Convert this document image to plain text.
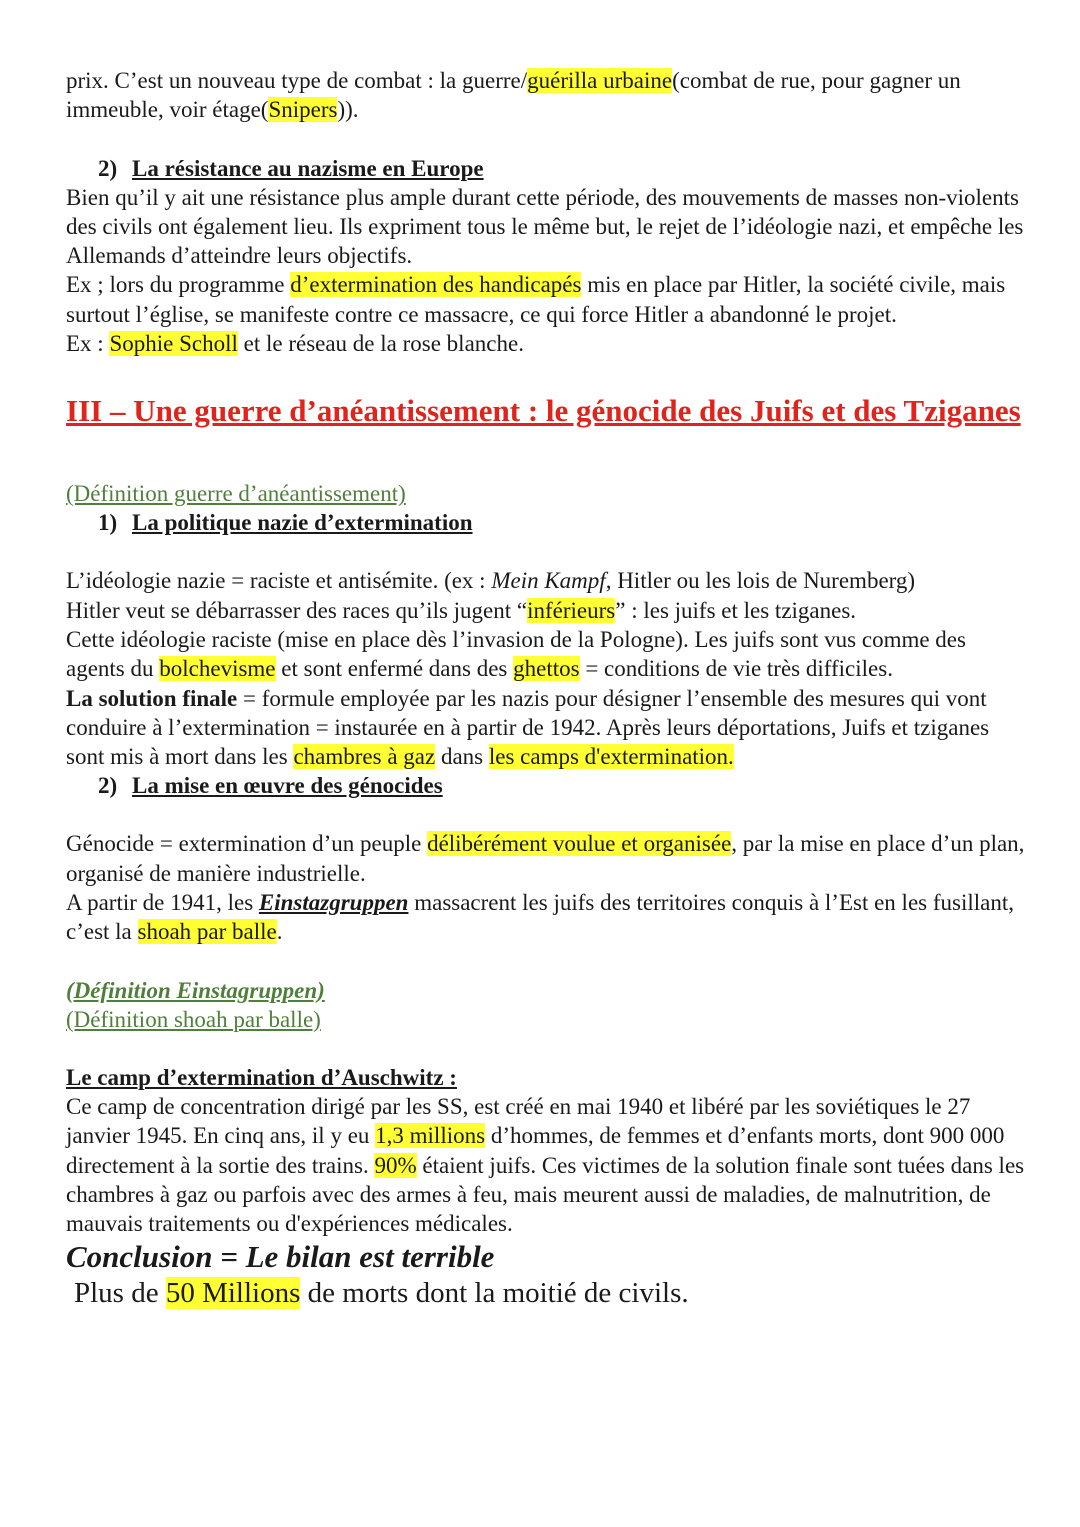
prix. C’est un nouveau type de combat : la guerre/guérilla urbaine(combat de rue, pour gagner un immeuble, voir étage(Snipers)).

2) La résistance au nazisme en Europe

Bien qu’il y ait une résistance plus ample durant cette période, des mouvements de masses non-violents des civils ont également lieu. Ils expriment tous le même but, le rejet de l’idéologie nazi, et empêche les Allemands d’atteindre leurs objectifs.

Ex ; lors du programme d’extermination des handicapés mis en place par Hitler, la société civile, mais surtout l’église, se manifeste contre ce massacre, ce qui force Hitler a abandonné le projet.

Ex : Sophie Scholl et le réseau de la rose blanche.

III – Une guerre d’anéantissement : le génocide des Juifs et des Tziganes

(Définition guerre d’anéantissement)

1) La politique nazie d’extermination

L’idéologie nazie = raciste et antisémite. (ex : Mein Kampf, Hitler ou les lois de Nuremberg)

Hitler veut se débarrasser des races qu’ils jugent “inférieurs” : les juifs et les tziganes.

Cette idéologie raciste (mise en place dès l’invasion de la Pologne). Les juifs sont vus comme des agents du bolchevisme et sont enfermé dans des ghettos = conditions de vie très difficiles.

La solution finale = formule employée par les nazis pour désigner l’ensemble des mesures qui vont conduire à l’extermination = instaurée en à partir de 1942. Après leurs déportations, Juifs et tziganes sont mis à mort dans les chambres à gaz dans les camps d'extermination.

2) La mise en œuvre des génocides

Génocide = extermination d’un peuple délibérément voulue et organisée, par la mise en place d’un plan, organisé de manière industrielle.

A partir de 1941, les Einstazgruppen massacrent les juifs des territoires conquis à l’Est en les fusillant, c’est la shoah par balle.

(Définition Einstagruppen)

(Définition shoah par balle)

Le camp d’extermination d’Auschwitz :

Ce camp de concentration dirigé par les SS, est créé en mai 1940 et libéré par les soviétiques le 27 janvier 1945. En cinq ans, il y eu 1,3 millions d’hommes, de femmes et d’enfants morts, dont 900 000 directement à la sortie des trains. 90% étaient juifs. Ces victimes de la solution finale sont tuées dans les chambres à gaz ou parfois avec des armes à feu, mais meurent aussi de maladies, de malnutrition, de mauvais traitements ou d'expériences médicales.

Conclusion = Le bilan est terrible

Plus de 50 Millions de morts dont la moitié de civils.
